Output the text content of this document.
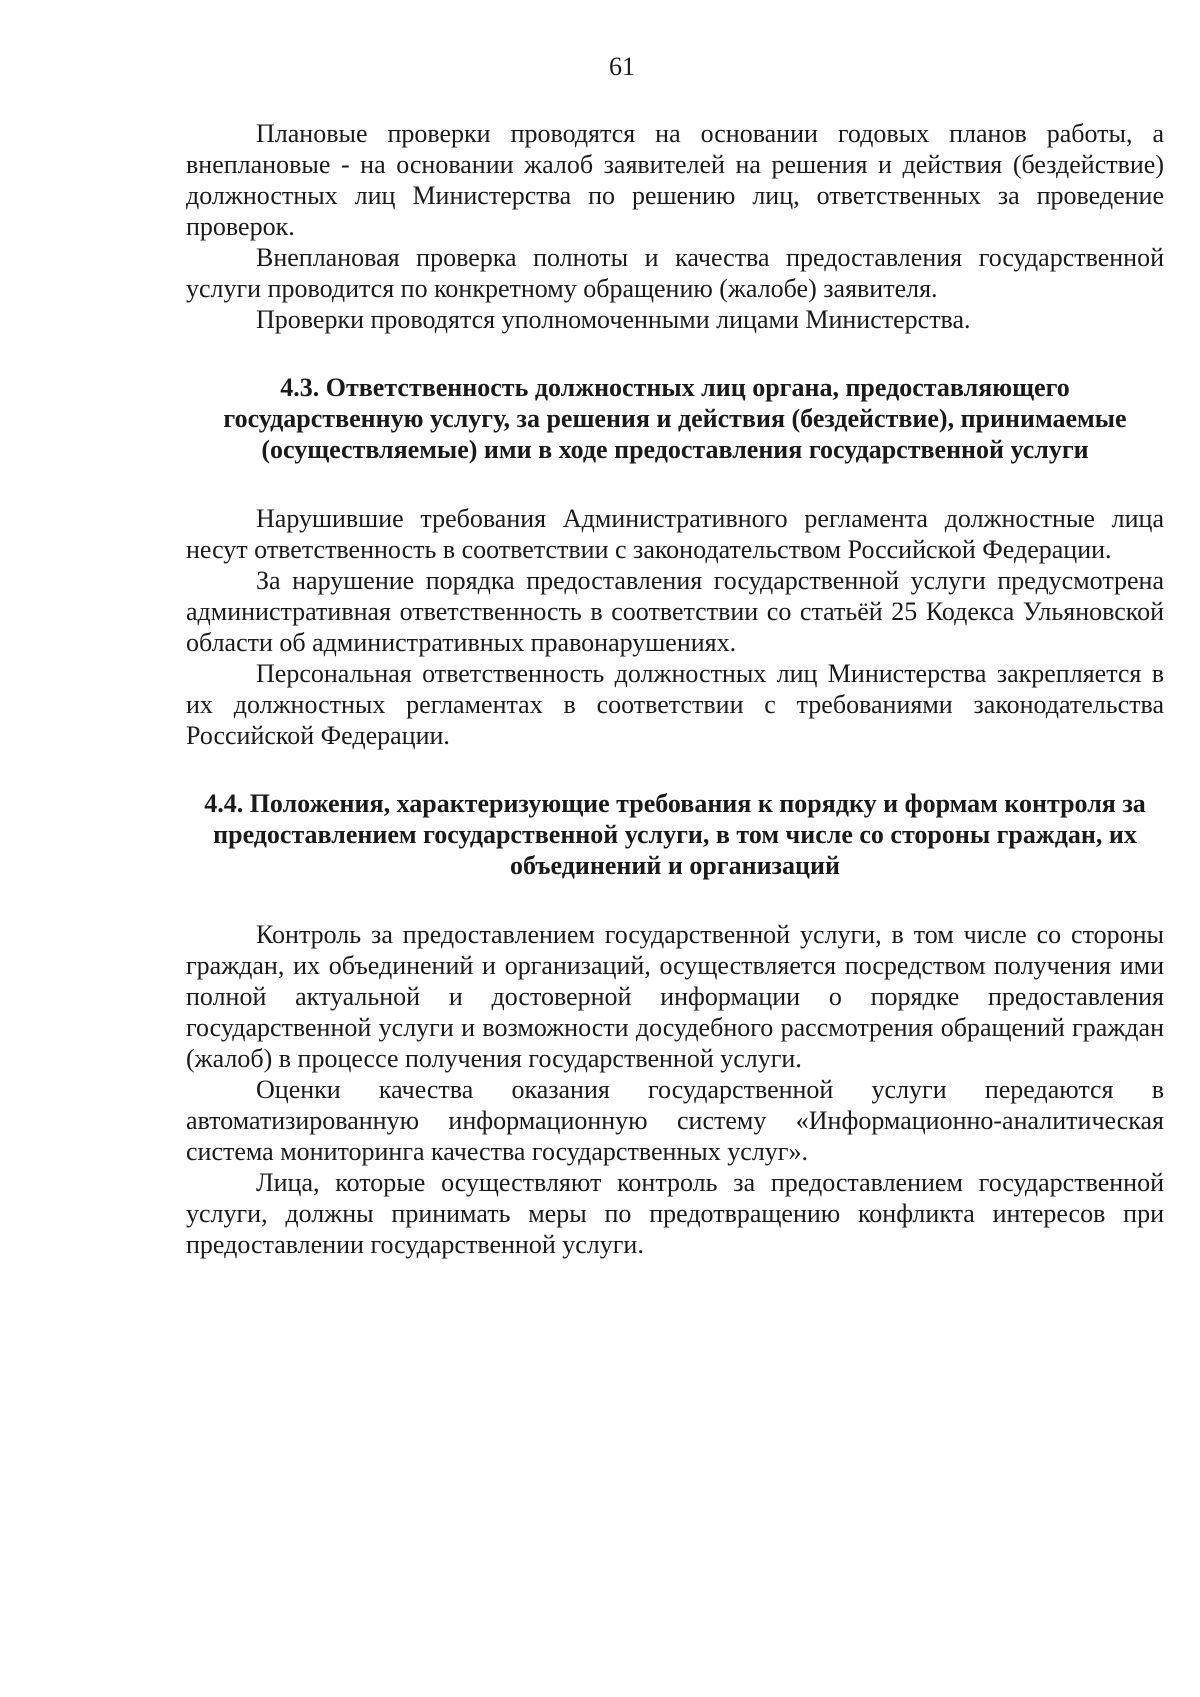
61

Плановые проверки проводятся на основании годовых планов работы, а внеплановые - на основании жалоб заявителей на решения и действия (бездействие) должностных лиц Министерства по решению лиц, ответственных за проведение проверок.

Внеплановая проверка полноты и качества предоставления государственной услуги проводится по конкретному обращению (жалобе) заявителя.

Проверки проводятся уполномоченными лицами Министерства.

4.3. Ответственность должностных лиц органа, предоставляющего государственную услугу, за решения и действия (бездействие), принимаемые (осуществляемые) ими в ходе предоставления государственной услуги

Нарушившие требования Административного регламента должностные лица несут ответственность в соответствии с законодательством Российской Федерации.

За нарушение порядка предоставления государственной услуги предусмотрена административная ответственность в соответствии со статьёй 25 Кодекса Ульяновской области об административных правонарушениях.

Персональная ответственность должностных лиц Министерства закрепляется в их должностных регламентах в соответствии с требованиями законодательства Российской Федерации.

4.4. Положения, характеризующие требования к порядку и формам контроля за предоставлением государственной услуги, в том числе со стороны граждан, их объединений и организаций

Контроль за предоставлением государственной услуги, в том числе со стороны граждан, их объединений и организаций, осуществляется посредством получения ими полной актуальной и достоверной информации о порядке предоставления государственной услуги и возможности досудебного рассмотрения обращений граждан (жалоб) в процессе получения государственной услуги.

Оценки качества оказания государственной услуги передаются в автоматизированную информационную систему «Информационно-аналитическая система мониторинга качества государственных услуг».

Лица, которые осуществляют контроль за предоставлением государственной услуги, должны принимать меры по предотвращению конфликта интересов при предоставлении государственной услуги.
